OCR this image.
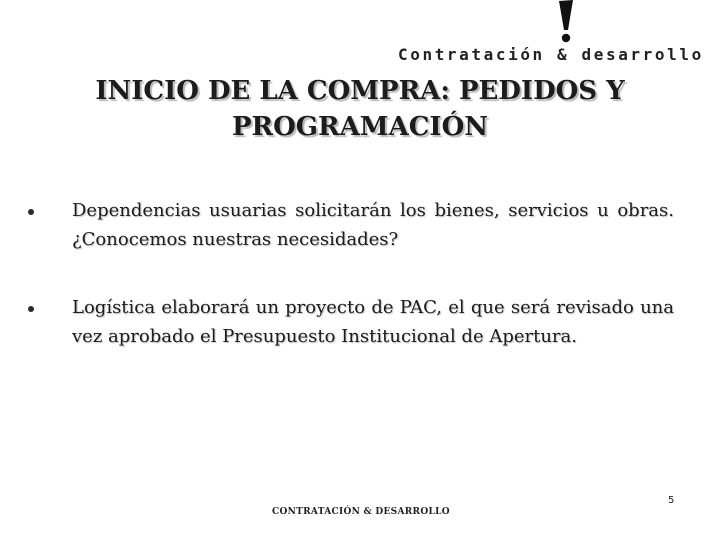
Contratación & desarrollo
INICIO DE LA COMPRA: PEDIDOS Y
PROGRAMACIÓN
Dependencias usuarias solicitarán los bienes, servicios u obras. ¿Conocemos nuestras necesidades?
Logística elaborará un proyecto de PAC, el que será revisado una vez aprobado el Presupuesto Institucional de Apertura.
5
CONTRATACIÓN & DESARROLLO
